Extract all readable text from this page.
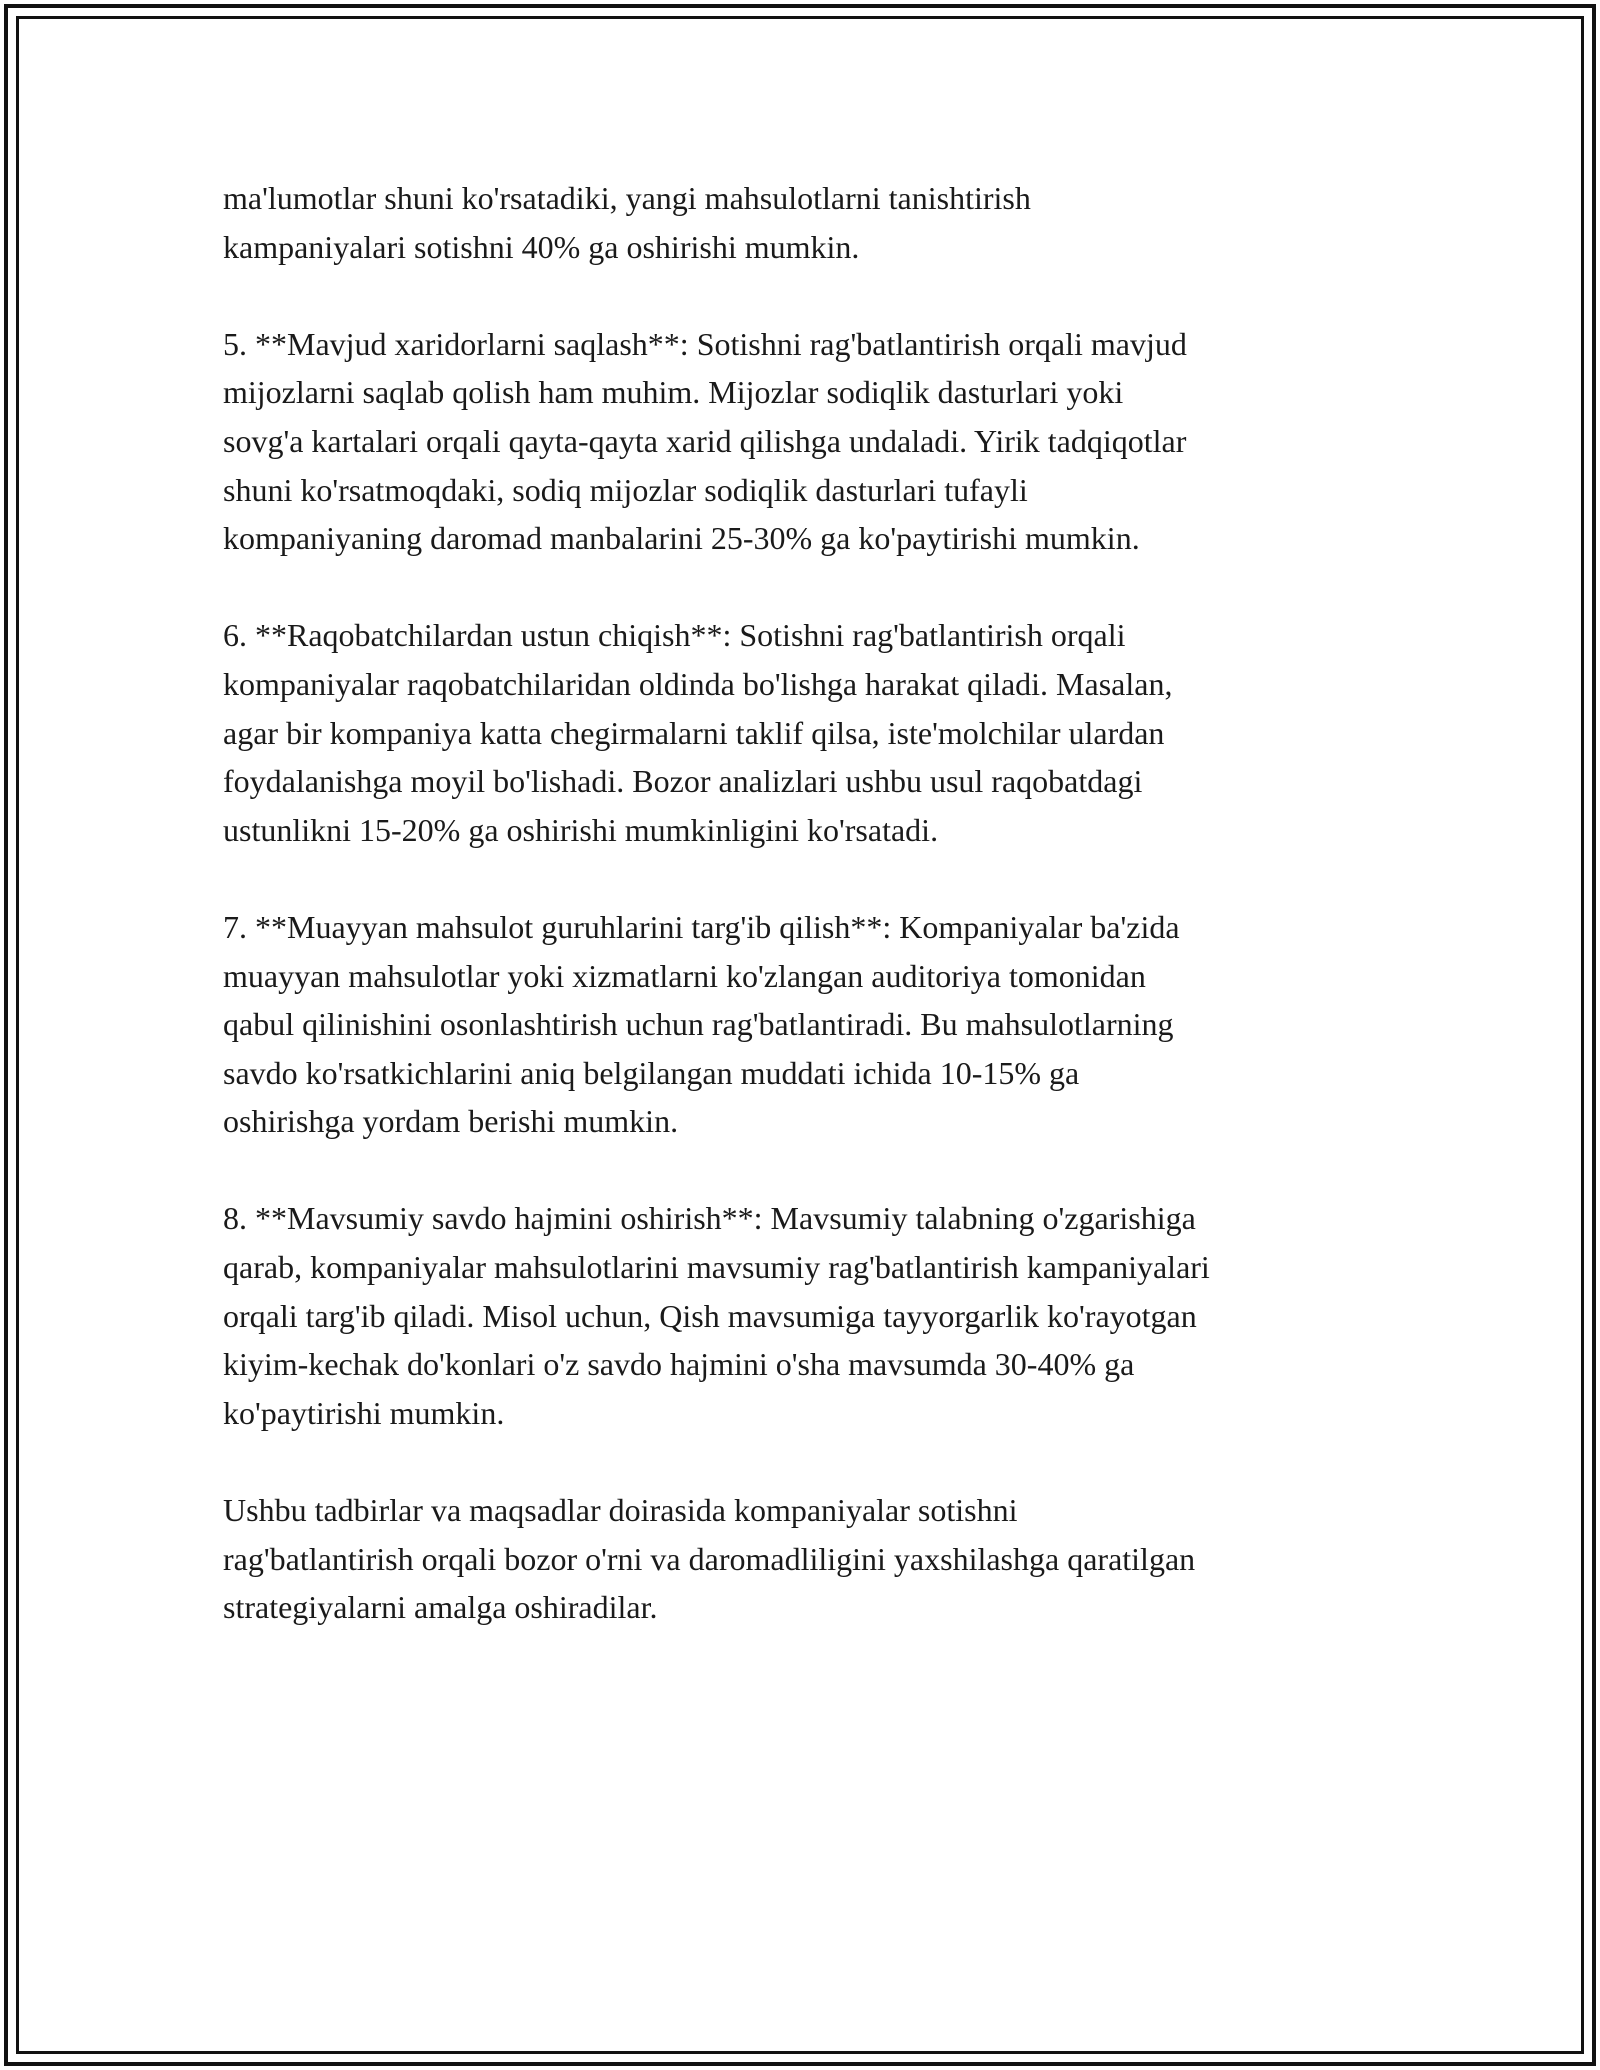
ma'lumotlar shuni ko'rsatadiki, yangi mahsulotlarni tanishtirish
kampaniyalari sotishni 40% ga oshirishi mumkin.

5. **Mavjud xaridorlarni saqlash**: Sotishni rag'batlantirish orqali mavjud
mijozlarni saqlab qolish ham muhim. Mijozlar sodiqlik dasturlari yoki
sovg'a kartalari orqali qayta-qayta xarid qilishga undaladi. Yirik tadqiqotlar
shuni ko'rsatmoqdaki, sodiq mijozlar sodiqlik dasturlari tufayli
kompaniyaning daromad manbalarini 25-30% ga ko'paytirishi mumkin.

6. **Raqobatchilardan ustun chiqish**: Sotishni rag'batlantirish orqali
kompaniyalar raqobatchilaridan oldinda bo'lishga harakat qiladi. Masalan,
agar bir kompaniya katta chegirmalarni taklif qilsa, iste'molchilar ulardan
foydalanishga moyil bo'lishadi. Bozor analizlari ushbu usul raqobatdagi
ustunlikni 15-20% ga oshirishi mumkinligini ko'rsatadi.

7. **Muayyan mahsulot guruhlarini targ'ib qilish**: Kompaniyalar ba'zida
muayyan mahsulotlar yoki xizmatlarni ko'zlangan auditoriya tomonidan
qabul qilinishini osonlashtirish uchun rag'batlantiradi. Bu mahsulotlarning
savdo ko'rsatkichlarini aniq belgilangan muddati ichida 10-15% ga
oshirishga yordam berishi mumkin.

8. **Mavsumiy savdo hajmini oshirish**: Mavsumiy talabning o'zgarishiga
qarab, kompaniyalar mahsulotlarini mavsumiy rag'batlantirish kampaniyalari
orqali targ'ib qiladi. Misol uchun, Qish mavsumiga tayyorgarlik ko'rayotgan
kiyim-kechak do'konlari o'z savdo hajmini o'sha mavsumda 30-40% ga
ko'paytirishi mumkin.

Ushbu tadbirlar va maqsadlar doirasida kompaniyalar sotishni
rag'batlantirish orqali bozor o'rni va daromadliligini yaxshilashga qaratilgan
strategiyalarni amalga oshiradilar.
